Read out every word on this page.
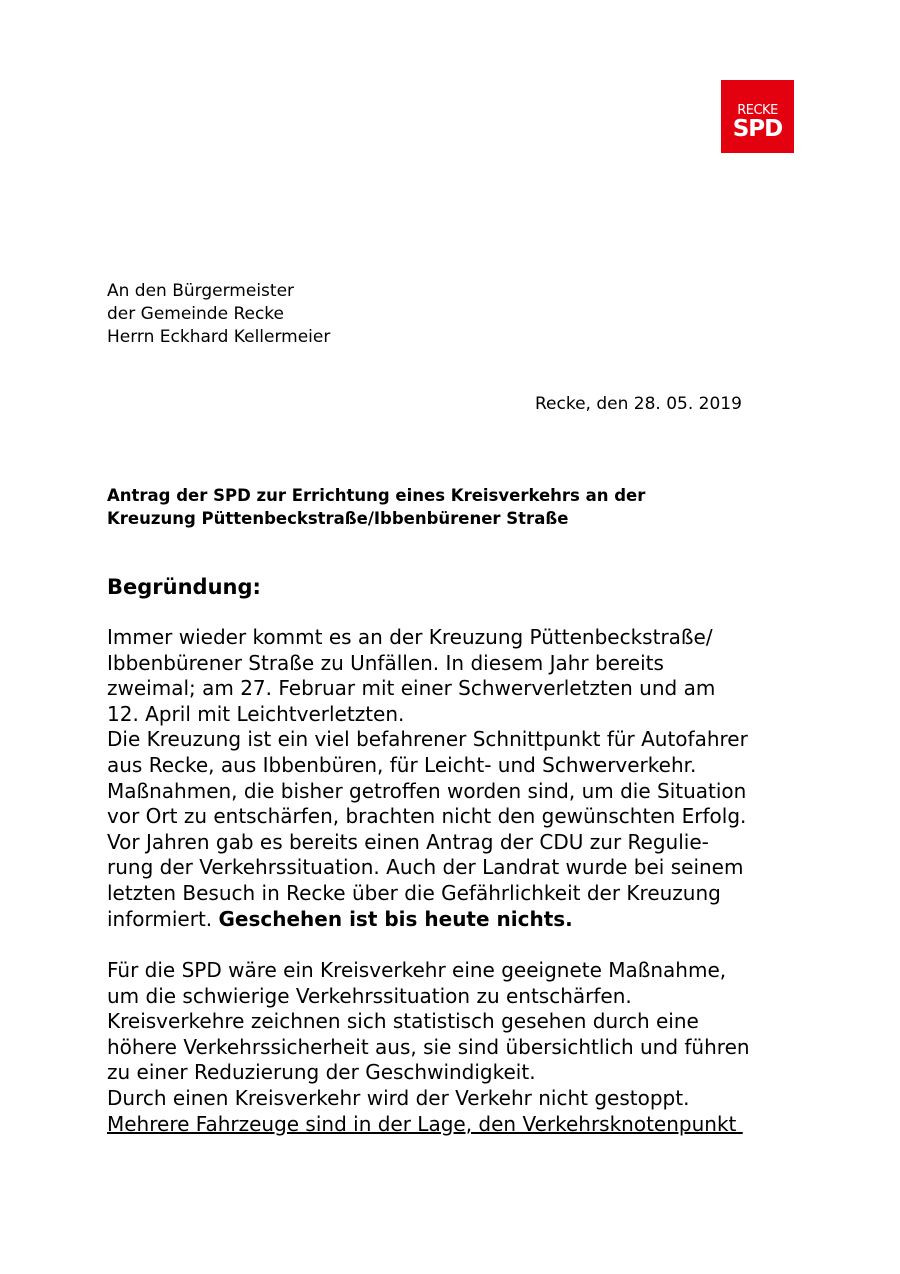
RECKE
SPD
An den Bürgermeister
der Gemeinde Recke
Herrn Eckhard Kellermeier
Recke, den 28. 05. 2019
Antrag der SPD zur Errichtung eines Kreisverkehrs an der
Kreuzung Püttenbeckstraße/Ibbenbürener Straße
Begründung:
Immer wieder kommt es an der Kreuzung Püttenbeckstraße/
Ibbenbürener Straße zu Unfällen. In diesem Jahr bereits
zweimal; am 27. Februar mit einer Schwerverletzten und am
12. April mit Leichtverletzten.
Die Kreuzung ist ein viel befahrener Schnittpunkt für Autofahrer
aus Recke, aus Ibbenbüren, für Leicht- und Schwerverkehr.
Maßnahmen, die bisher getroffen worden sind, um die Situation
vor Ort zu entschärfen, brachten nicht den gewünschten Erfolg.
Vor Jahren gab es bereits einen Antrag der CDU zur Regulie-
rung der Verkehrssituation. Auch der Landrat wurde bei seinem
letzten Besuch in Recke über die Gefährlichkeit der Kreuzung
informiert. Geschehen ist bis heute nichts.
Für die SPD wäre ein Kreisverkehr eine geeignete Maßnahme,
um die schwierige Verkehrssituation zu entschärfen.
Kreisverkehre zeichnen sich statistisch gesehen durch eine
höhere Verkehrssicherheit aus, sie sind übersichtlich und führen
zu einer Reduzierung der Geschwindigkeit.
Durch einen Kreisverkehr wird der Verkehr nicht gestoppt.
Mehrere Fahrzeuge sind in der Lage, den Verkehrsknotenpunkt
